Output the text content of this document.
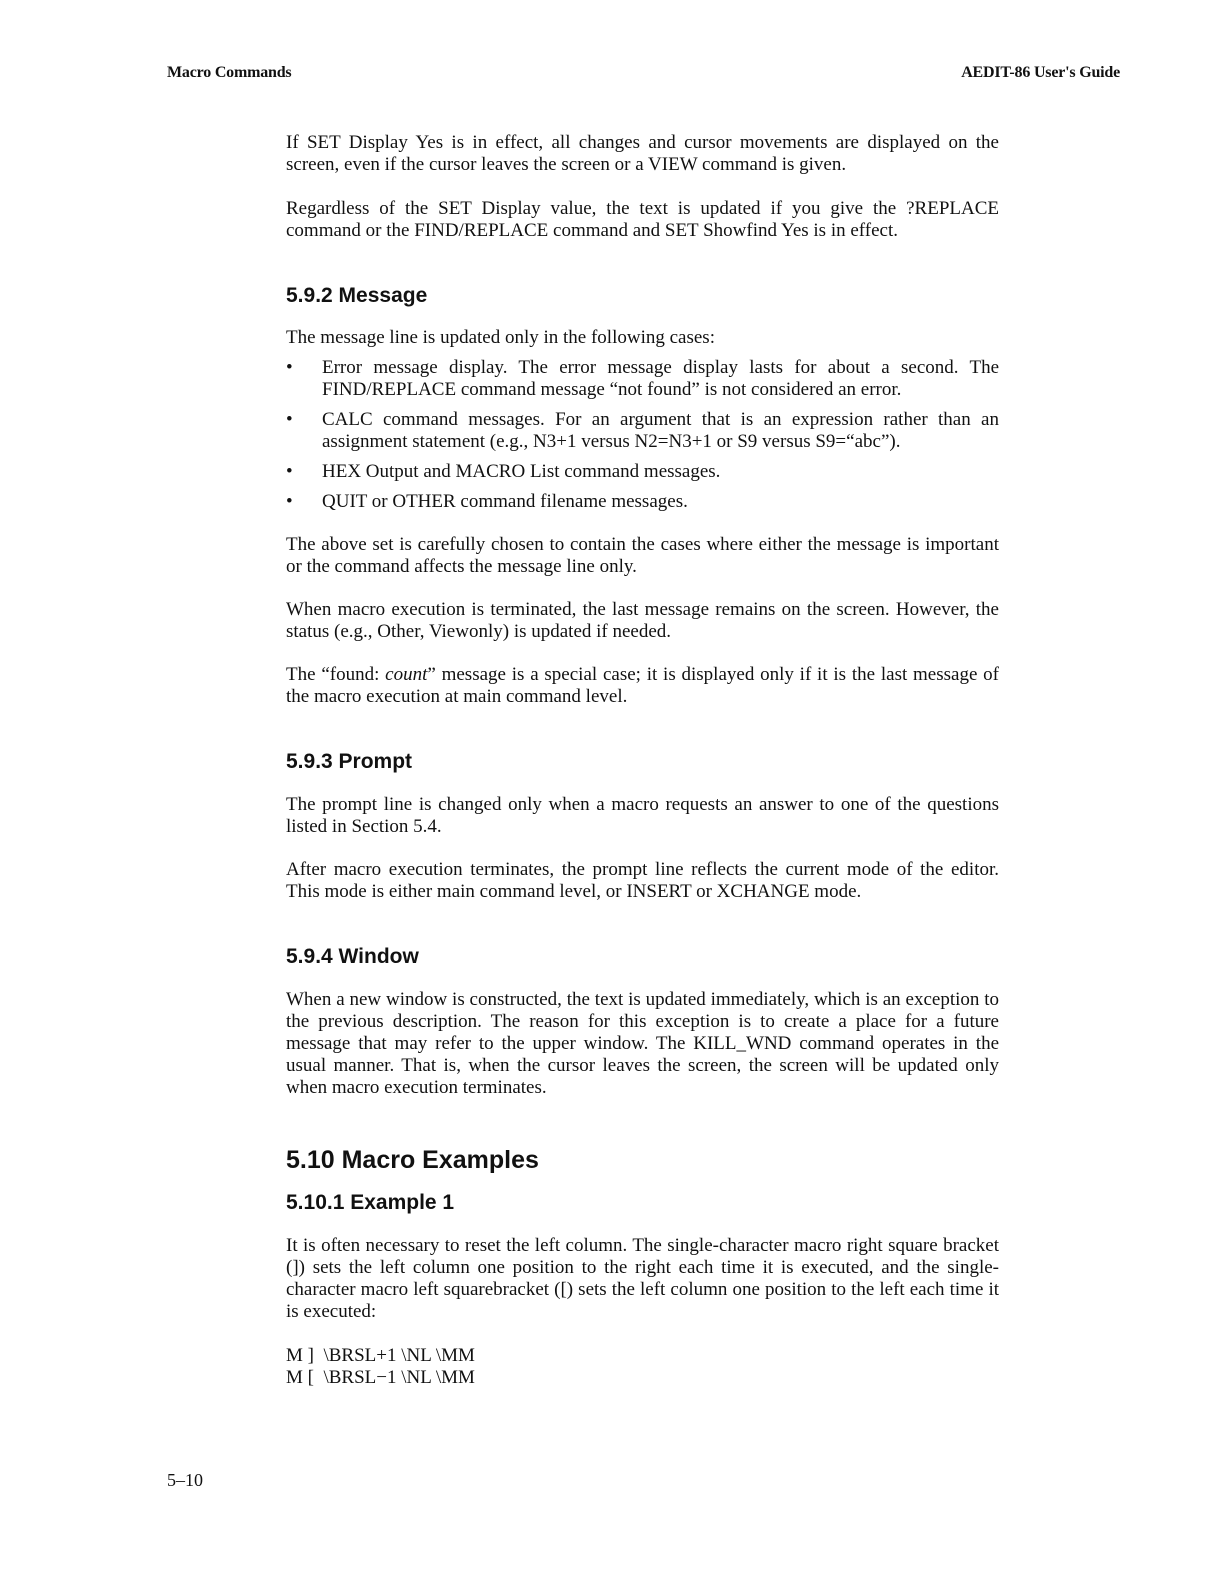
Macro Commands	AEDIT-86 User's Guide

If SET Display Yes is in effect, all changes and cursor movements are displayed on the screen, even if the cursor leaves the screen or a VIEW command is given.

Regardless of the SET Display value, the text is updated if you give the ?REPLACE command or the FIND/REPLACE command and SET Showfind Yes is in effect.

5.9.2 Message

The message line is updated only in the following cases:

• Error message display. The error message display lasts for about a second. The FIND/REPLACE command message “not found” is not considered an error.
• CALC command messages. For an argument that is an expression rather than an assignment statement (e.g., N3+1 versus N2=N3+1 or S9 versus S9=“abc”).
• HEX Output and MACRO List command messages.
• QUIT or OTHER command filename messages.

The above set is carefully chosen to contain the cases where either the message is important or the command affects the message line only.

When macro execution is terminated, the last message remains on the screen. However, the status (e.g., Other, Viewonly) is updated if needed.

The “found: count” message is a special case; it is displayed only if it is the last message of the macro execution at main command level.

5.9.3 Prompt

The prompt line is changed only when a macro requests an answer to one of the questions listed in Section 5.4.

After macro execution terminates, the prompt line reflects the current mode of the editor. This mode is either main command level, or INSERT or XCHANGE mode.

5.9.4 Window

When a new window is constructed, the text is updated immediately, which is an exception to the previous description. The reason for this exception is to create a place for a future message that may refer to the upper window. The KILL_WND command operates in the usual manner. That is, when the cursor leaves the screen, the screen will be updated only when macro execution terminates.

5.10 Macro Examples
5.10.1 Example 1

It is often necessary to reset the left column. The single-character macro right square bracket (]) sets the left column one position to the right each time it is executed, and the single-character macro left squarebracket ([) sets the left column one position to the left each time it is executed:

M ]  \BRSL+1 \NL \MM
M [  \BRSL−1 \NL \MM
5–10
